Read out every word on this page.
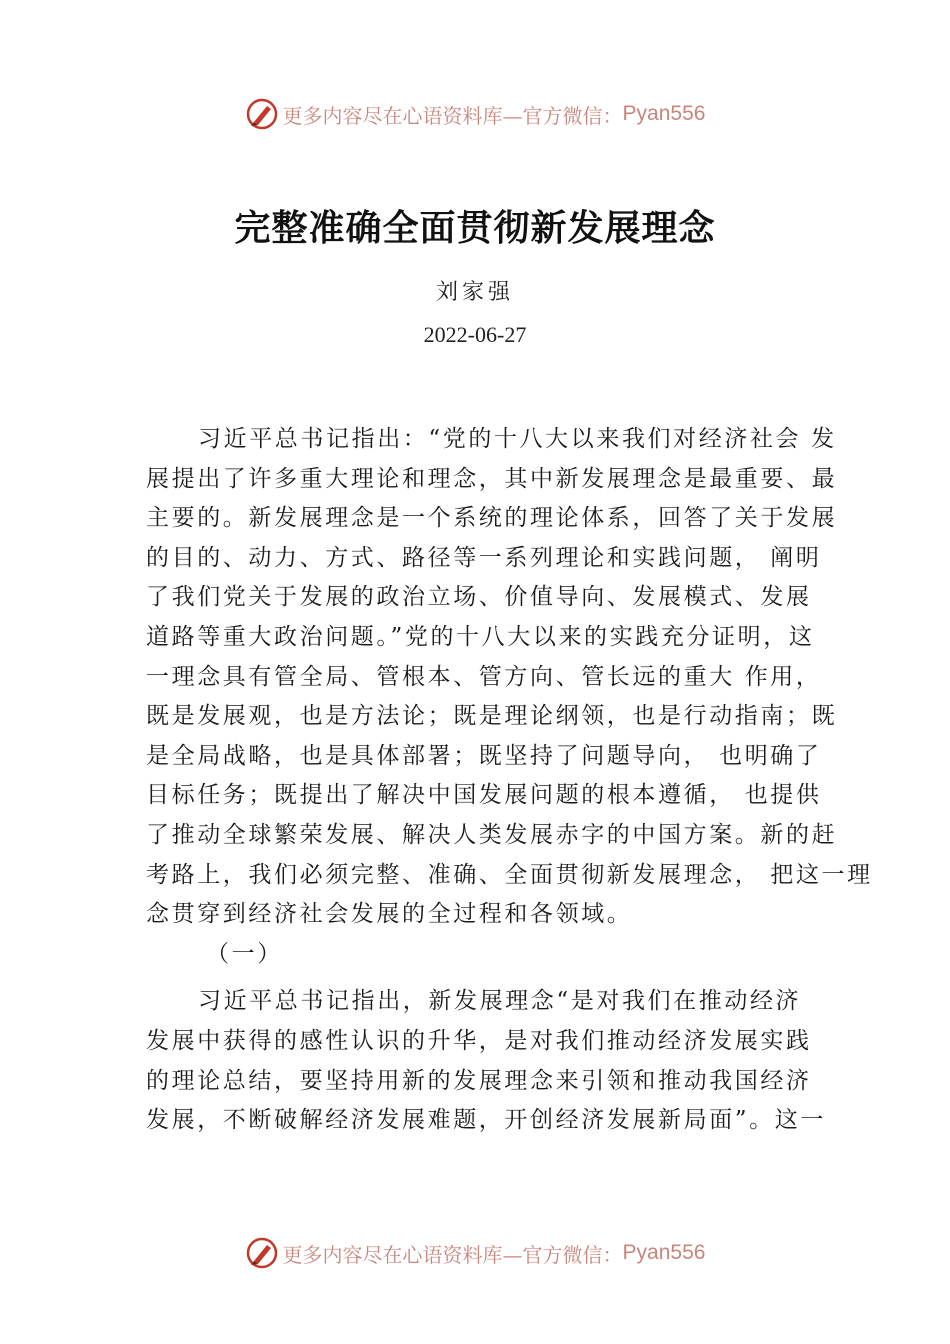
更多内容尽在心语资料库—官方微信： Pyan556
完整准确全面贯彻新发展理念
刘家强
2022-06-27
习近平总书记指出：“党的十八大以来我们对经济社会 发
展提出了许多重大理论和理念，其中新发展理念是最重要、最
主要的。新发展理念是一个系统的理论体系，回答了关于发展
的目的、动力、方式、路径等一系列理论和实践问题， 阐明
了我们党关于发展的政治立场、价值导向、发展模式、发展
道路等重大政治问题。”党的十八大以来的实践充分证明，这
一理念具有管全局、管根本、管方向、管长远的重大 作用，
既是发展观，也是方法论；既是理论纲领，也是行动指南；既
是全局战略，也是具体部署；既坚持了问题导向， 也明确了
目标任务；既提出了解决中国发展问题的根本遵循， 也提供
了推动全球繁荣发展、解决人类发展赤字的中国方案。新的赶
考路上，我们必须完整、准确、全面贯彻新发展理念， 把这一理
念贯穿到经济社会发展的全过程和各领域。
（一）
习近平总书记指出，新发展理念“是对我们在推动经济
发展中获得的感性认识的升华，是对我们推动经济发展实践
的理论总结，要坚持用新的发展理念来引领和推动我国经济
发展，不断破解经济发展难题，开创经济发展新局面”。这一
更多内容尽在心语资料库—官方微信： Pyan556
